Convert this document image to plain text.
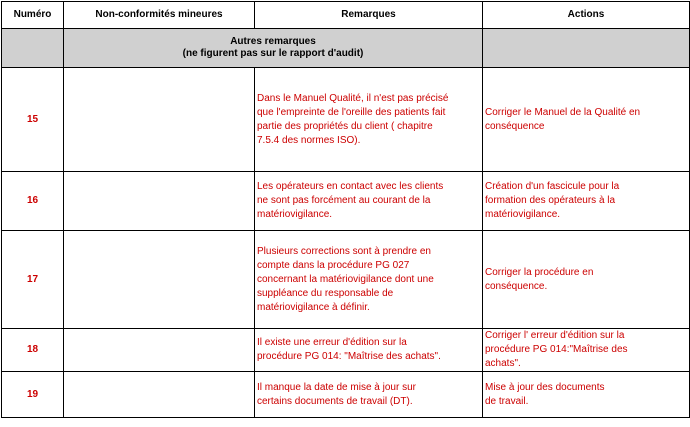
Numéro	Non-conformités mineures	Remarques	Actions

	Autres remarques
(ne figurent pas sur le rapport d'audit)		

15		Dans le Manuel Qualité, il n'est pas précisé
que l'empreinte de l'oreille des patients fait
partie des propriétés du client ( chapitre
7.5.4 des normes ISO).	Corriger le Manuel de la Qualité en
conséquence

16		Les opérateurs en contact avec les clients
ne sont pas forcément au courant de la
matériovigilance.	Création d'un fascicule pour la
formation des opérateurs à la
matériovigilance.

17		Plusieurs corrections sont à prendre en
compte dans la procédure PG 027
concernant la matériovigilance dont une
suppléance du responsable de
matériovigilance à définir.	Corriger la procédure en
conséquence.

18		Il existe une erreur d'édition sur la
procédure PG 014: "Maîtrise des achats".	Corriger l' erreur d'édition sur la
procédure PG 014:"Maîtrise des
achats".

19		Il manque la date de mise à jour sur
certains documents de travail (DT).	Mise à jour des documents
de travail.
